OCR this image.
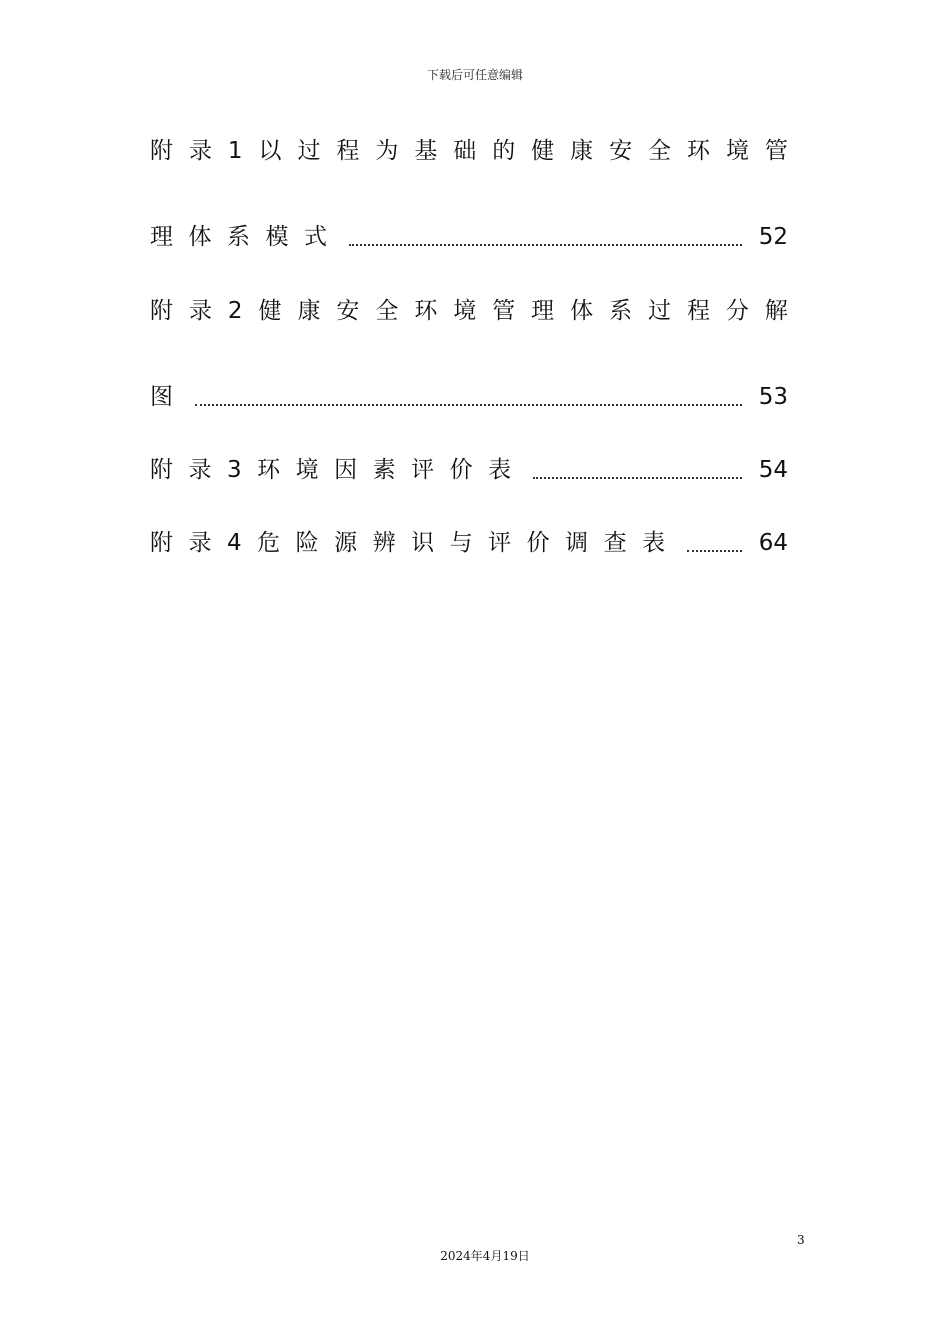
下载后可任意编辑
附 录 1 以 过 程 为 基 础 的 健 康 安 全 环 境 管
理体系模式	52
附 录 2 健 康 安 全 环 境 管 理 体 系 过 程 分 解
图	53
附录3环境因素评价表	54
附录4危险源辨识与评价调查表	64
3
2024年4月19日
